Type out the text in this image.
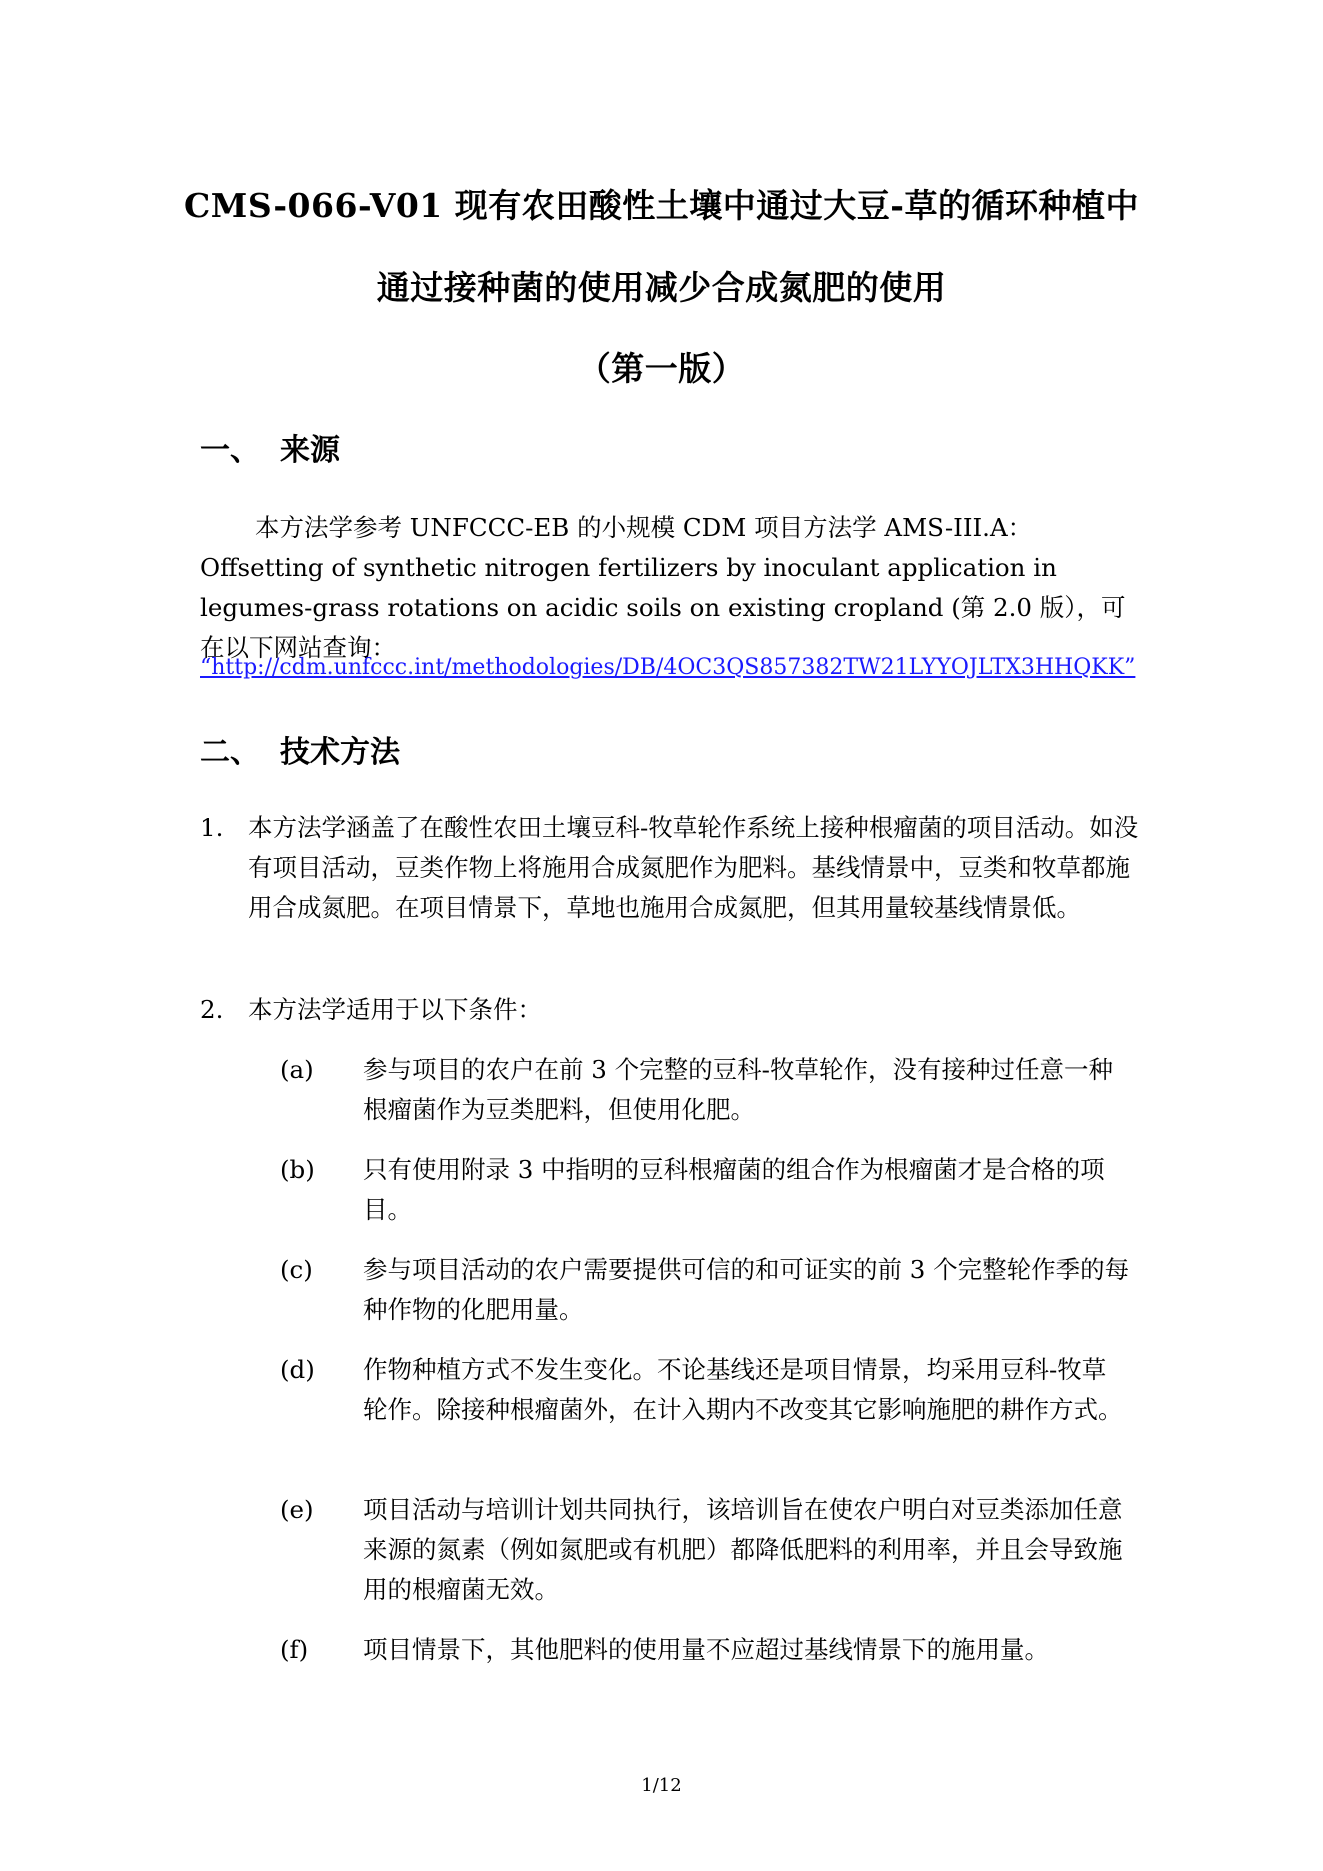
CMS-066-V01 现有农田酸性土壤中通过大豆-草的循环种植中
通过接种菌的使用减少合成氮肥的使用
（第一版）
一、 来源
本方法学参考 UNFCCC-EB 的小规模 CDM 项目方法学 AMS-III.A：Offsetting of synthetic nitrogen fertilizers by inoculant application in legumes-grass rotations on acidic soils on existing cropland (第 2.0 版），可在以下网站查询：
“http://cdm.unfccc.int/methodologies/DB/4OC3QS857382TW21LYYOJLTX3HHQKK”
二、 技术方法
1.	本方法学涵盖了在酸性农田土壤豆科-牧草轮作系统上接种根瘤菌的项目活动。如没有项目活动，豆类作物上将施用合成氮肥作为肥料。基线情景中，豆类和牧草都施用合成氮肥。在项目情景下，草地也施用合成氮肥，但其用量较基线情景低。
2.	本方法学适用于以下条件：
(a)	参与项目的农户在前 3 个完整的豆科-牧草轮作，没有接种过任意一种根瘤菌作为豆类肥料，但使用化肥。
(b)	只有使用附录 3 中指明的豆科根瘤菌的组合作为根瘤菌才是合格的项目。
(c)	参与项目活动的农户需要提供可信的和可证实的前 3 个完整轮作季的每种作物的化肥用量。
(d)	作物种植方式不发生变化。不论基线还是项目情景，均采用豆科-牧草轮作。除接种根瘤菌外，在计入期内不改变其它影响施肥的耕作方式。
(e)	项目活动与培训计划共同执行，该培训旨在使农户明白对豆类添加任意来源的氮素（例如氮肥或有机肥）都降低肥料的利用率，并且会导致施用的根瘤菌无效。
(f)	项目情景下，其他肥料的使用量不应超过基线情景下的施用量。
1/12
